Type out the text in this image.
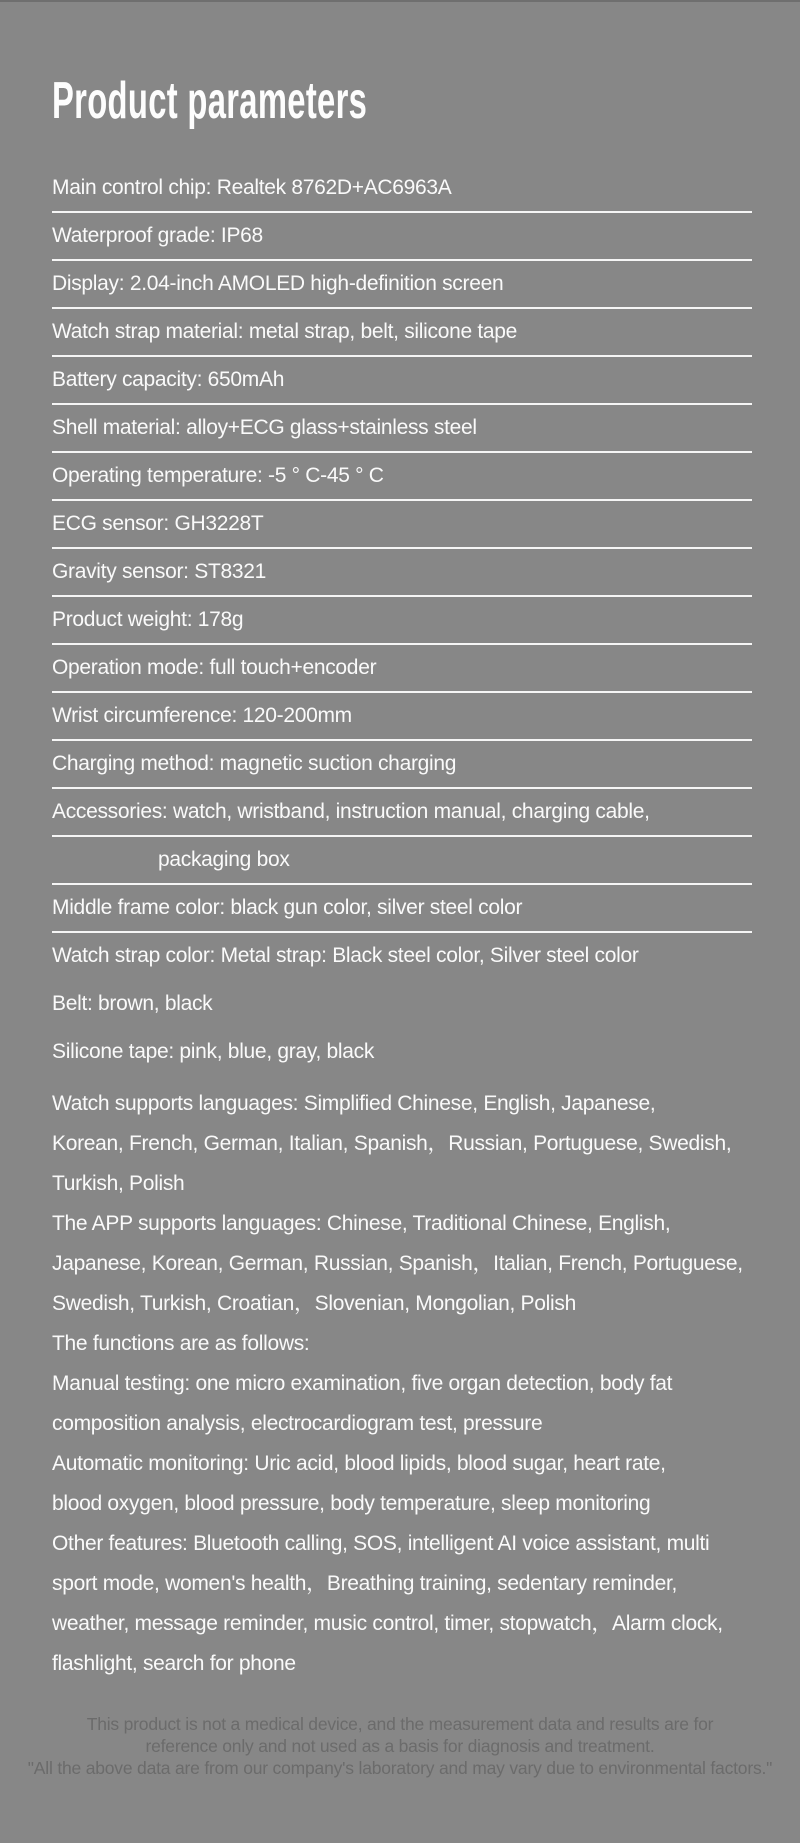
Product parameters
Main control chip: Realtek 8762D+AC6963A
Waterproof grade: IP68
Display: 2.04-inch AMOLED high-definition screen
Watch strap material: metal strap, belt, silicone tape
Battery capacity: 650mAh
Shell material: alloy+ECG glass+stainless steel
Operating temperature: -5 ° C-45 ° C
ECG sensor: GH3228T
Gravity sensor: ST8321
Product weight: 178g
Operation mode: full touch+encoder
Wrist circumference: 120-200mm
Charging method: magnetic suction charging
Accessories: watch, wristband, instruction manual, charging cable,
packaging box
Middle frame color: black gun color, silver steel color
Watch strap color: Metal strap: Black steel color, Silver steel color
Belt: brown, black
Silicone tape: pink, blue, gray, black
Watch supports languages: Simplified Chinese, English, Japanese,
Korean, French, German, Italian, Spanish，Russian, Portuguese, Swedish,
Turkish, Polish
The APP supports languages: Chinese, Traditional Chinese, English,
Japanese, Korean, German, Russian, Spanish，Italian, French, Portuguese,
Swedish, Turkish, Croatian，Slovenian, Mongolian, Polish
The functions are as follows:
Manual testing: one micro examination, five organ detection, body fat
composition analysis, electrocardiogram test, pressure
Automatic monitoring: Uric acid, blood lipids, blood sugar, heart rate,
blood oxygen, blood pressure, body temperature, sleep monitoring
Other features: Bluetooth calling, SOS, intelligent AI voice assistant, multi
sport mode, women's health，Breathing training, sedentary reminder,
weather, message reminder, music control, timer, stopwatch，Alarm clock,
flashlight, search for phone
This product is not a medical device, and the measurement data and results are for
reference only and not used as a basis for diagnosis and treatment.
"All the above data are from our company's laboratory and may vary due to environmental factors."
